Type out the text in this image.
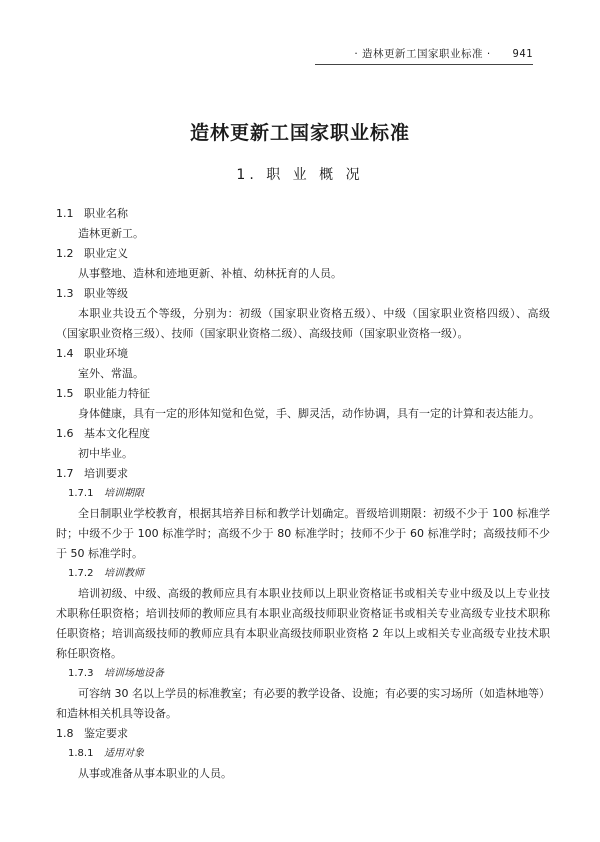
· 造林更新工国家职业标准 · 941
造林更新工国家职业标准
1. 职 业 概 况

1.1 职业名称

造林更新工。

1.2 职业定义

从事整地、造林和迹地更新、补植、幼林抚育的人员。

1.3 职业等级

本职业共设五个等级，分别为：初级（国家职业资格五级）、中级（国家职业资格四级）、高级（国家职业资格三级）、技师（国家职业资格二级）、高级技师（国家职业资格一级）。

1.4 职业环境

室外、常温。

1.5 职业能力特征

身体健康，具有一定的形体知觉和色觉，手、脚灵活，动作协调，具有一定的计算和表达能力。

1.6 基本文化程度

初中毕业。

1.7 培训要求

1.7.1 培训期限

全日制职业学校教育，根据其培养目标和教学计划确定。晋级培训期限：初级不少于 100 标准学时；中级不少于 100 标准学时；高级不少于 80 标准学时；技师不少于 60 标准学时；高级技师不少于 50 标准学时。

1.7.2 培训教师

培训初级、中级、高级的教师应具有本职业技师以上职业资格证书或相关专业中级及以上专业技术职称任职资格；培训技师的教师应具有本职业高级技师职业资格证书或相关专业高级专业技术职称任职资格；培训高级技师的教师应具有本职业高级技师职业资格 2 年以上或相关专业高级专业技术职称任职资格。

1.7.3 培训场地设备

可容纳 30 名以上学员的标准教室；有必要的教学设备、设施；有必要的实习场所（如造林地等）和造林相关机具等设备。

1.8 鉴定要求

1.8.1 适用对象

从事或准备从事本职业的人员。
